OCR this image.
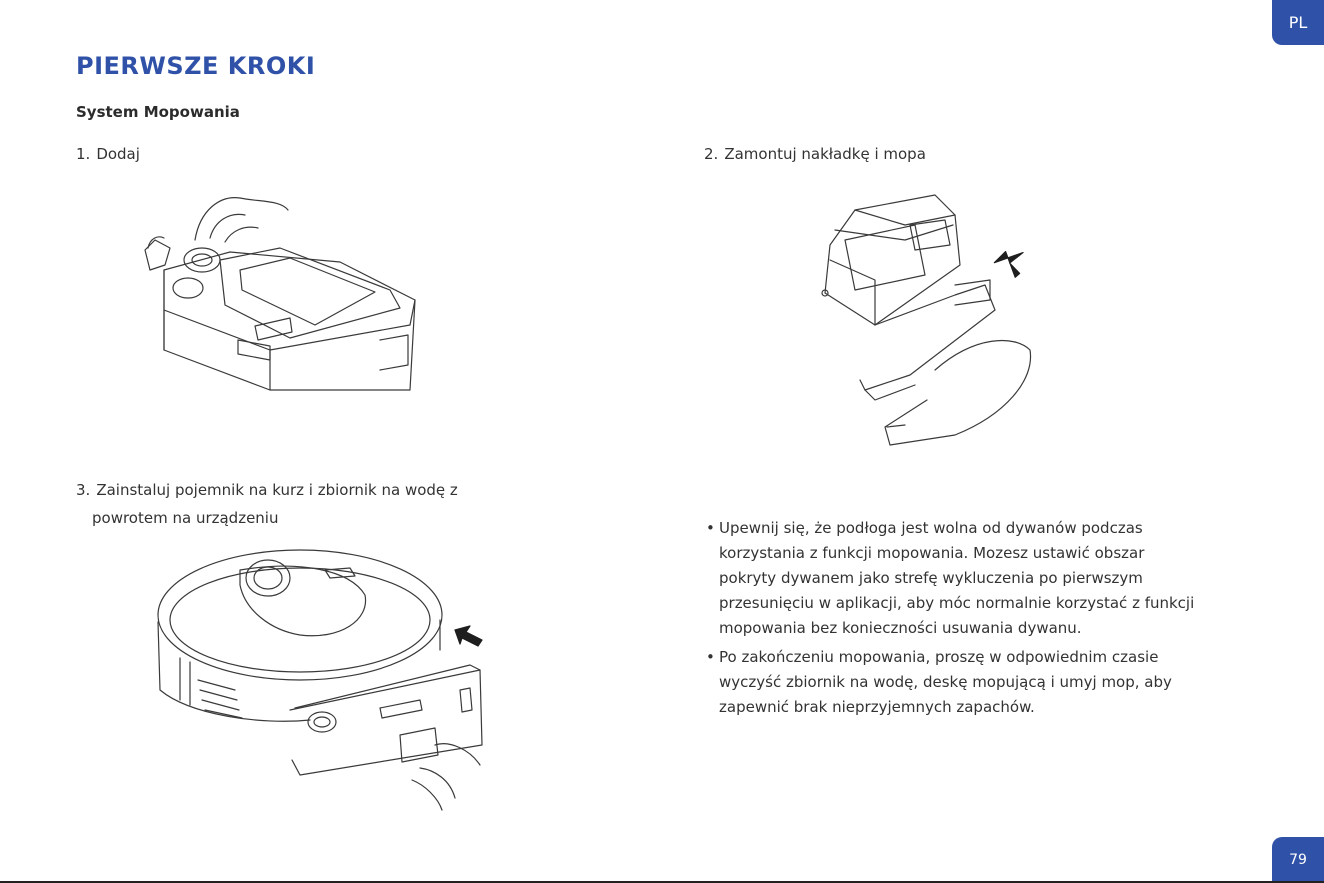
PL
PIERWSZE KROKI
System Mopowania
1. Dodaj	2. Zamontuj nakładkę i mopa
3. Zainstaluj pojemnik na kurz i zbiornik na wodę z
powrotem na urządzeniu
• Upewnij się, że podłoga jest wolna od dywanów podczas korzystania z funkcji mopowania. Mozesz ustawić obszar pokryty dywanem jako strefę wykluczenia po pierwszym przesunięciu w aplikacji, aby móc normalnie korzystać z funkcji mopowania bez konieczności usuwania dywanu.
• Po zakończeniu mopowania, proszę w odpowiednim czasie wyczyść zbiornik na wodę, deskę mopującą i umyj mop, aby zapewnić brak nieprzyjemnych zapachów.
79
